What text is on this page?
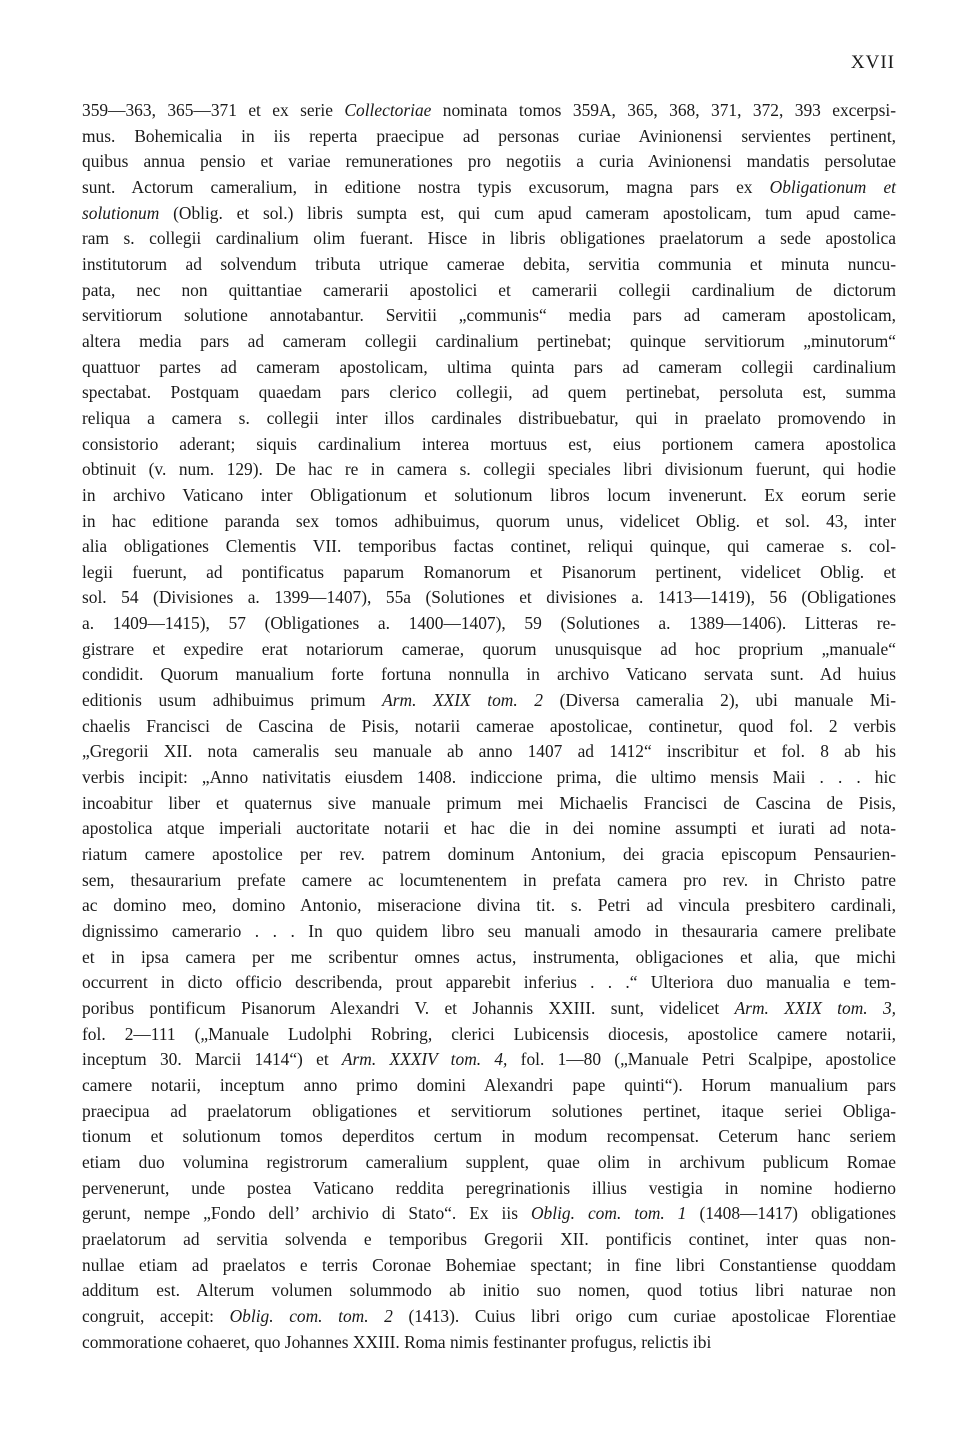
XVII
359—363, 365—371 et ex serie Collectoriae nominata tomos 359A, 365, 368, 371, 372, 393 excerpsi-
mus. Bohemicalia in iis reperta praecipue ad personas curiae Avinionensi servientes pertinent,
quibus annua pensio et variae remunerationes pro negotiis a curia Avinionensi mandatis persolutae
sunt. Actorum cameralium, in editione nostra typis excusorum, magna pars ex Obligationum et
solutionum (Oblig. et sol.) libris sumpta est, qui cum apud cameram apostolicam, tum apud came-
ram s. collegii cardinalium olim fuerant. Hisce in libris obligationes praelatorum a sede apostolica
institutorum ad solvendum tributa utrique camerae debita, servitia communia et minuta nuncu-
pata, nec non quittantiae camerarii apostolici et camerarii collegii cardinalium de dictorum
servitiorum solutione annotabantur. Servitii „communis“ media pars ad cameram apostolicam,
altera media pars ad cameram collegii cardinalium pertinebat; quinque servitiorum „minutorum“
quattuor partes ad cameram apostolicam, ultima quinta pars ad cameram collegii cardinalium
spectabat. Postquam quaedam pars clerico collegii, ad quem pertinebat, persoluta est, summa
reliqua a camera s. collegii inter illos cardinales distribuebatur, qui in praelato promovendo in
consistorio aderant; siquis cardinalium interea mortuus est, eius portionem camera apostolica
obtinuit (v. num. 129). De hac re in camera s. collegii speciales libri divisionum fuerunt, qui hodie
in archivo Vaticano inter Obligationum et solutionum libros locum invenerunt. Ex eorum serie
in hac editione paranda sex tomos adhibuimus, quorum unus, videlicet Oblig. et sol. 43, inter
alia obligationes Clementis VII. temporibus factas continet, reliqui quinque, qui camerae s. col-
legii fuerunt, ad pontificatus paparum Romanorum et Pisanorum pertinent, videlicet Oblig. et
sol. 54 (Divisiones a. 1399—1407), 55a (Solutiones et divisiones a. 1413—1419), 56 (Obligationes
a. 1409—1415), 57 (Obligationes a. 1400—1407), 59 (Solutiones a. 1389—1406). Litteras re-
gistrare et expedire erat notariorum camerae, quorum unusquisque ad hoc proprium „manuale“
condidit. Quorum manualium forte fortuna nonnulla in archivo Vaticano servata sunt. Ad huius
editionis usum adhibuimus primum Arm. XXIX tom. 2 (Diversa cameralia 2), ubi manuale Mi-
chaelis Francisci de Cascina de Pisis, notarii camerae apostolicae, continetur, quod fol. 2 verbis
„Gregorii XII. nota cameralis seu manuale ab anno 1407 ad 1412“ inscribitur et fol. 8 ab his
verbis incipit: „Anno nativitatis eiusdem 1408. indiccione prima, die ultimo mensis Maii . . . hic
incoabitur liber et quaternus sive manuale primum mei Michaelis Francisci de Cascina de Pisis,
apostolica atque imperiali auctoritate notarii et hac die in dei nomine assumpti et iurati ad nota-
riatum camere apostolice per rev. patrem dominum Antonium, dei gracia episcopum Pensaurien-
sem, thesaurarium prefate camere ac locumtenentem in prefata camera pro rev. in Christo patre
ac domino meo, domino Antonio, miseracione divina tit. s. Petri ad vincula presbitero cardinali,
dignissimo camerario . . . In quo quidem libro seu manuali amodo in thesauraria camere prelibate
et in ipsa camera per me scribentur omnes actus, instrumenta, obligaciones et alia, que michi
occurrent in dicto officio describenda, prout apparebit inferius . . .“ Ulteriora duo manualia e tem-
poribus pontificum Pisanorum Alexandri V. et Johannis XXIII. sunt, videlicet Arm. XXIX tom. 3,
fol. 2—111 („Manuale Ludolphi Robring, clerici Lubicensis diocesis, apostolice camere notarii,
inceptum 30. Marcii 1414“) et Arm. XXXIV tom. 4, fol. 1—80 („Manuale Petri Scalpipe, apostolice
camere notarii, inceptum anno primo domini Alexandri pape quinti“). Horum manualium pars
praecipua ad praelatorum obligationes et servitiorum solutiones pertinet, itaque seriei Obliga-
tionum et solutionum tomos deperditos certum in modum recompensat. Ceterum hanc seriem
etiam duo volumina registrorum cameralium supplent, quae olim in archivum publicum Romae
pervenerunt, unde postea Vaticano reddita peregrinationis illius vestigia in nomine hodierno
gerunt, nempe „Fondo dell’ archivio di Stato“. Ex iis Oblig. com. tom. 1 (1408—1417) obligationes
praelatorum ad servitia solvenda e temporibus Gregorii XII. pontificis continet, inter quas non-
nullae etiam ad praelatos e terris Coronae Bohemiae spectant; in fine libri Constantiense quoddam
additum est. Alterum volumen solummodo ab initio suo nomen, quod totius libri naturae non
congruit, accepit: Oblig. com. tom. 2 (1413). Cuius libri origo cum curiae apostolicae Florentiae
commoratione cohaeret, quo Johannes XXIII. Roma nimis festinanter profugus, relictis ibi
